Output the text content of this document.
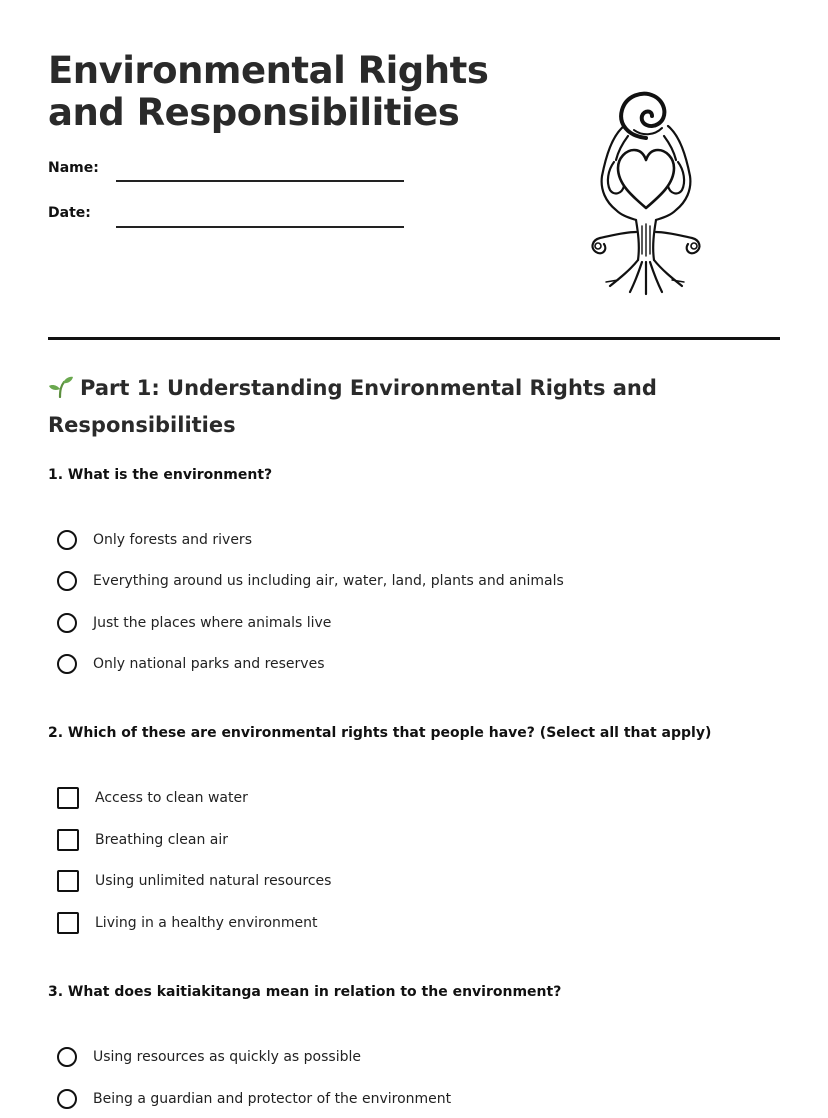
Environmental Rights
and Responsibilities
Name:
Date:
Part 1: Understanding Environmental Rights and Responsibilities
1. What is the environment?
Only forests and rivers
Everything around us including air, water, land, plants and animals
Just the places where animals live
Only national parks and reserves
2. Which of these are environmental rights that people have? (Select all that apply)
Access to clean water
Breathing clean air
Using unlimited natural resources
Living in a healthy environment
3. What does kaitiakitanga mean in relation to the environment?
Using resources as quickly as possible
Being a guardian and protector of the environment
